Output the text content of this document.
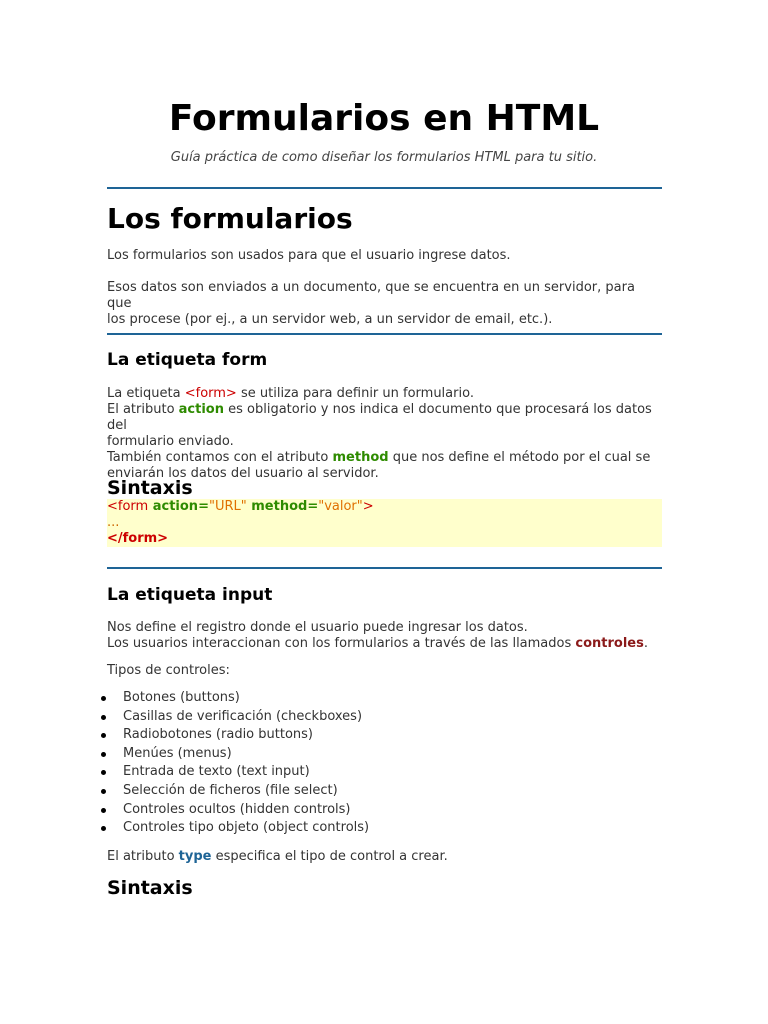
Formularios en HTML

Guía práctica de como diseñar los formularios HTML para tu sitio.

Los formularios

Los formularios son usados para que el usuario ingrese datos.

Esos datos son enviados a un documento, que se encuentra en un servidor, para que
los procese (por ej., a un servidor web, a un servidor de email, etc.).

La etiqueta form

La etiqueta <form> se utiliza para definir un formulario.
El atributo action es obligatorio y nos indica el documento que procesará los datos del
formulario enviado.
También contamos con el atributo method que nos define el método por el cual se
enviarán los datos del usuario al servidor.

Sintaxis
<form action="URL" method="valor">
...
</form>
La etiqueta input

Nos define el registro donde el usuario puede ingresar los datos.
Los usuarios interaccionan con los formularios a través de las llamados controles.

Tipos de controles:

Botones (buttons)
Casillas de verificación (checkboxes)
Radiobotones (radio buttons)
Menúes (menus)
Entrada de texto (text input)
Selección de ficheros (file select)
Controles ocultos (hidden controls)
Controles tipo objeto (object controls)

El atributo type especifica el tipo de control a crear.

Sintaxis
